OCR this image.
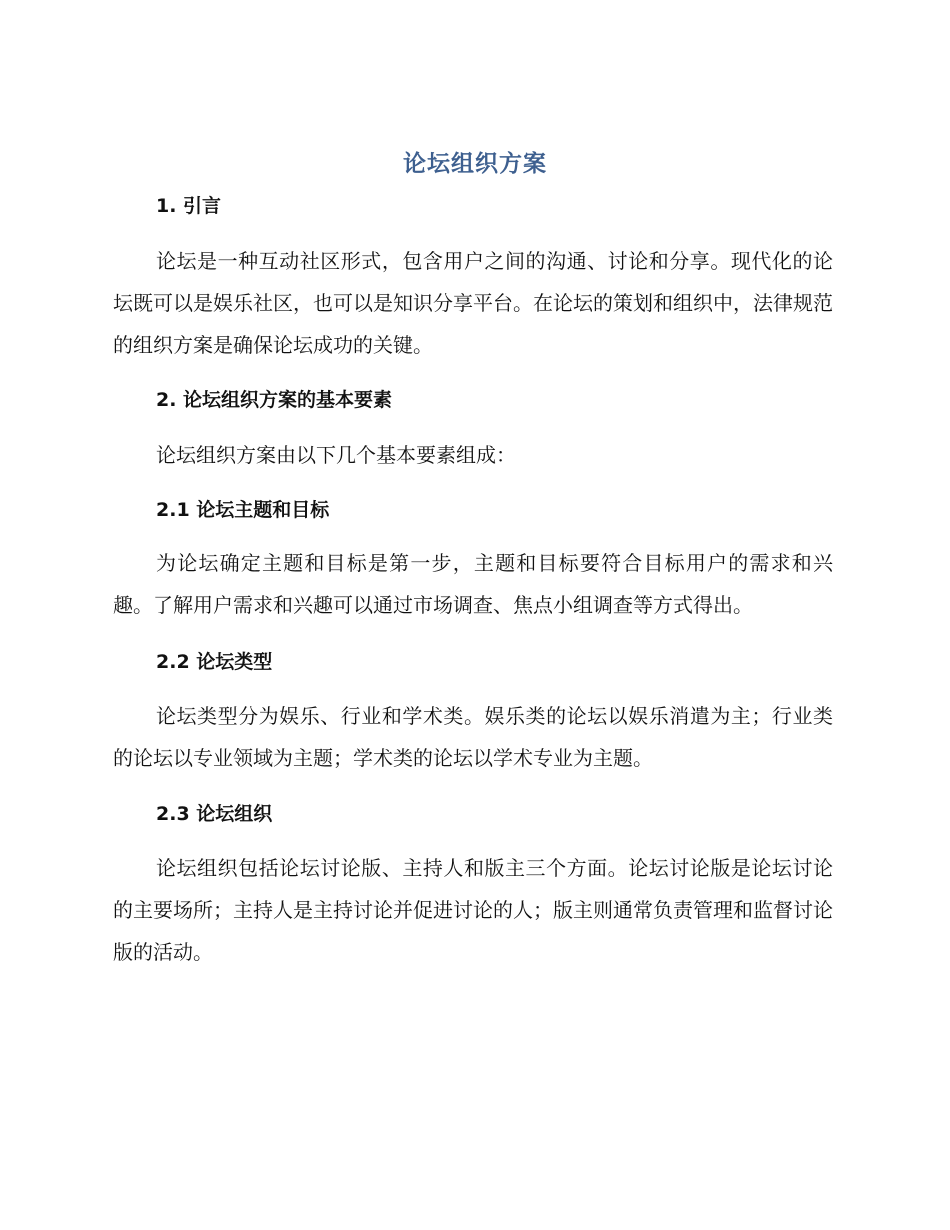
论坛组织方案
1. 引言

论坛是一种互动社区形式，包含用户之间的沟通、讨论和分享。现代化的论坛既可以是娱乐社区，也可以是知识分享平台。在论坛的策划和组织中，法律规范的组织方案是确保论坛成功的关键。

2. 论坛组织方案的基本要素

论坛组织方案由以下几个基本要素组成：

2.1 论坛主题和目标

为论坛确定主题和目标是第一步，主题和目标要符合目标用户的需求和兴趣。了解用户需求和兴趣可以通过市场调查、焦点小组调查等方式得出。

2.2 论坛类型

论坛类型分为娱乐、行业和学术类。娱乐类的论坛以娱乐消遣为主；行业类的论坛以专业领域为主题；学术类的论坛以学术专业为主题。

2.3 论坛组织

论坛组织包括论坛讨论版、主持人和版主三个方面。论坛讨论版是论坛讨论的主要场所；主持人是主持讨论并促进讨论的人；版主则通常负责管理和监督讨论版的活动。
